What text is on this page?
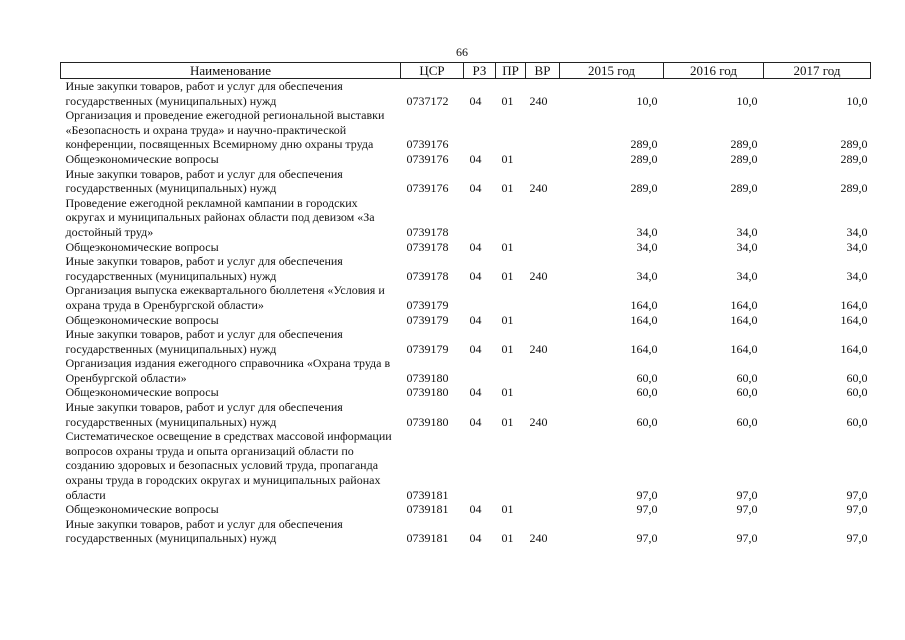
66
Наименование	ЦСР	РЗ	ПР	ВР	2015 год	2016 год	2017 год
Иные закупки товаров, работ и услуг для обеспечения государственных (муниципальных) нужд	0737172	04	01	240	10,0	10,0	10,0
Организация и проведение ежегодной региональной выставки «Безопасность и охрана труда» и научно-практической конференции, посвященных Всемирному дню охраны труда	0739176				289,0	289,0	289,0
Общеэкономические вопросы	0739176	04	01		289,0	289,0	289,0
Иные закупки товаров, работ и услуг для обеспечения государственных (муниципальных) нужд	0739176	04	01	240	289,0	289,0	289,0
Проведение ежегодной рекламной кампании в городских округах и муниципальных районах области под девизом «За достойный труд»	0739178				34,0	34,0	34,0
Общеэкономические вопросы	0739178	04	01		34,0	34,0	34,0
Иные закупки товаров, работ и услуг для обеспечения государственных (муниципальных) нужд	0739178	04	01	240	34,0	34,0	34,0
Организация выпуска ежеквартального бюллетеня «Условия и охрана труда в Оренбургской области»	0739179				164,0	164,0	164,0
Общеэкономические вопросы	0739179	04	01		164,0	164,0	164,0
Иные закупки товаров, работ и услуг для обеспечения государственных (муниципальных) нужд	0739179	04	01	240	164,0	164,0	164,0
Организация издания ежегодного справочника «Охрана труда в Оренбургской области»	0739180				60,0	60,0	60,0
Общеэкономические вопросы	0739180	04	01		60,0	60,0	60,0
Иные закупки товаров, работ и услуг для обеспечения государственных (муниципальных) нужд	0739180	04	01	240	60,0	60,0	60,0
Систематическое освещение в средствах массовой информации вопросов охраны труда и опыта организаций области по созданию здоровых и безопасных условий труда, пропаганда охраны труда в городских округах и муниципальных районах области	0739181				97,0	97,0	97,0
Общеэкономические вопросы	0739181	04	01		97,0	97,0	97,0
Иные закупки товаров, работ и услуг для обеспечения государственных (муниципальных) нужд	0739181	04	01	240	97,0	97,0	97,0
